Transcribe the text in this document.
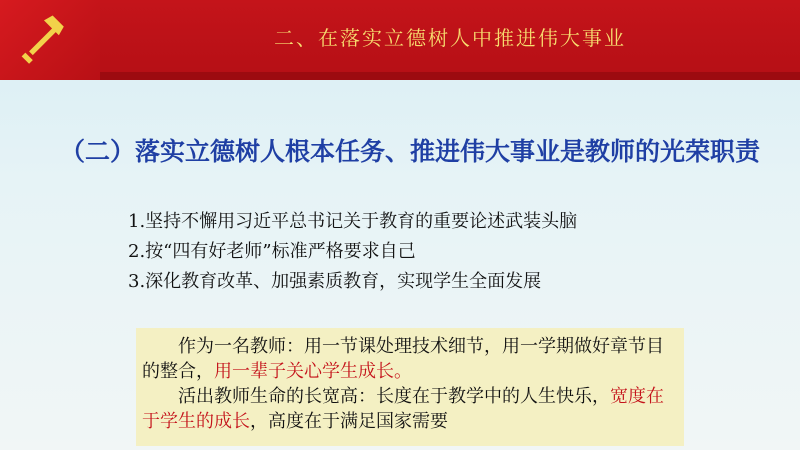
二、在落实立德树人中推进伟大事业
（二）落实立德树人根本任务、推进伟大事业是教师的光荣职责
1.坚持不懈用习近平总书记关于教育的重要论述武装头脑
2.按“四有好老师”标准严格要求自己
3.深化教育改革、加强素质教育，实现学生全面发展

作为一名教师：用一节课处理技术细节，用一学期做好章节目的整合，用一辈子关心学生成长。

活出教师生命的长宽高：长度在于教学中的人生快乐，宽度在于学生的成长，高度在于满足国家需要
